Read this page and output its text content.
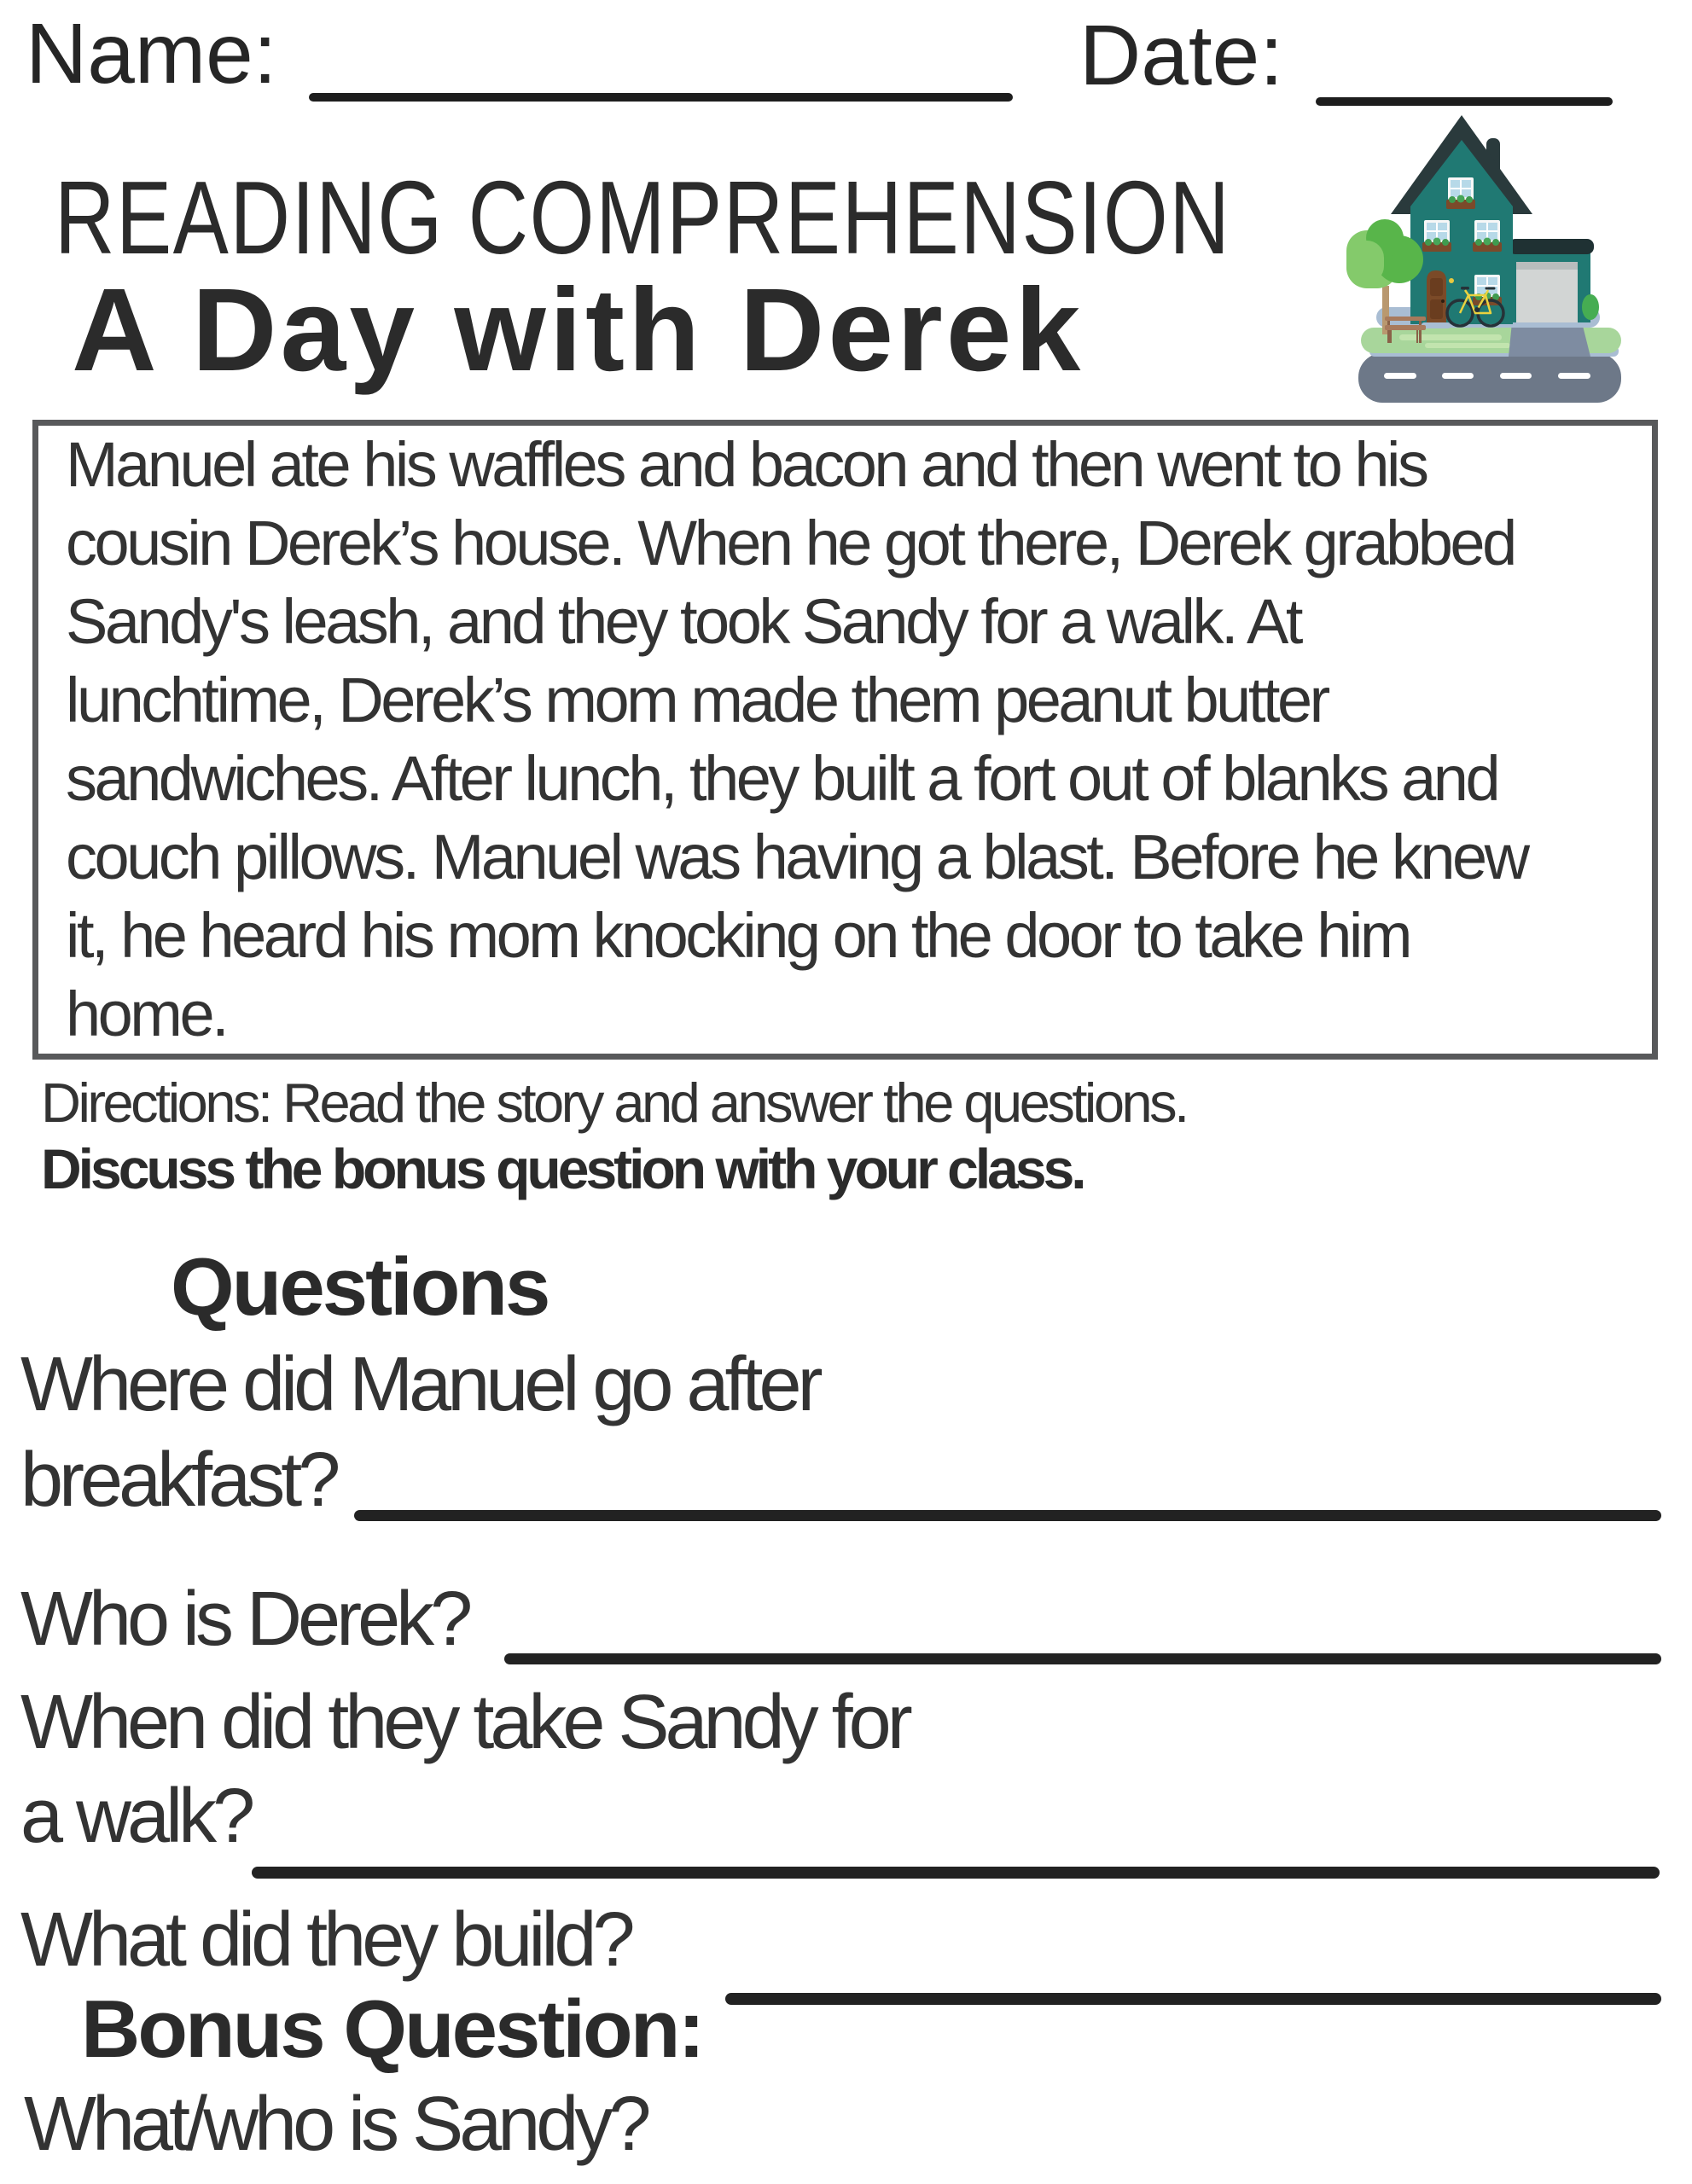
Name:	Date:
READING COMPREHENSION
A Day with Derek
Manuel ate his waffles and bacon and then went to his
cousin Derek’s house. When he got there, Derek grabbed
Sandy's leash, and they took Sandy for a walk. At
lunchtime, Derek’s mom made them peanut butter
sandwiches. After lunch, they built a fort out of blanks and
couch pillows. Manuel was having a blast. Before he knew
it, he heard his mom knocking on the door to take him
home.
Directions: Read the story and answer the questions.
Discuss the bonus question with your class.
Questions
Where did Manuel go after
breakfast?
Who is Derek?
When did they take Sandy for
a walk?
What did they build?
Bonus Question:
What/who is Sandy?
